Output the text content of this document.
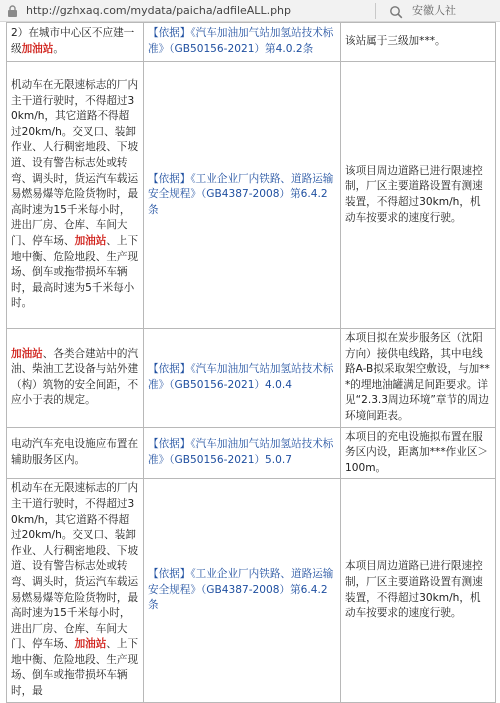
http://gzhxaq.com/mydata/paicha/adfileALL.php	安徽人社
2）在城市中心区不应建一级加油站。	【依据】《汽车加油加气站加氢站技术标准》（GB50156-2021）第4.0.2条	该站属于三级加***。
机动车在无限速标志的厂内主干道行驶时，不得超过30km/h，其它道路不得超过20km/h。交叉口、装卸作业、人行稠密地段、下坡道、设有警告标志处或转弯、调头时，货运汽车载运易燃易爆等危险货物时，最高时速为15千米每小时，进出厂房、仓库、车间大门、停车场、加油站、上下地中衡、危险地段、生产现场、倒车或拖带损坏车辆时，最高时速为5千米每小时。	【依据】《工业企业厂内铁路、道路运输安全规程》（GB4387-2008）第6.4.2条	该项目周边道路已进行限速控制，厂区主要道路设置有测速装置，不得超过30km/h，机动车按要求的速度行驶。
加油站、各类合建站中的汽油、柴油工艺设备与站外建（构）筑物的安全间距，不应小于表的规定。	【依据】《汽车加油加气站加氢站技术标准》（GB50156-2021）4.0.4	本项目拟在炭步服务区（沈阳方向）接供电线路，其中电线路A-B拟采取架空敷设，与加***的埋地油罐满足间距要求。详见“2.3.3周边环境”章节的周边环境间距表。
电动汽车充电设施应布置在辅助服务区内。	【依据】《汽车加油加气站加氢站技术标准》（GB50156-2021）5.0.7	本项目的充电设施拟布置在服务区内设，距离加***作业区＞100m。
机动车在无限速标志的厂内主干道行驶时，不得超过30km/h，其它道路不得超过20km/h。交叉口、装卸作业、人行稠密地段、下坡道、设有警告标志处或转弯、调头时，货运汽车载运易燃易爆等危险货物时，最高时速为15千米每小时，进出厂房、仓库、车间大门、停车场、加油站、上下地中衡、危险地段、生产现场、倒车或拖带损坏车辆时，最	【依据】《工业企业厂内铁路、道路运输安全规程》（GB4387-2008）第6.4.2条	本项目周边道路已进行限速控制，厂区主要道路设置有测速装置，不得超过30km/h，机动车按要求的速度行驶。
